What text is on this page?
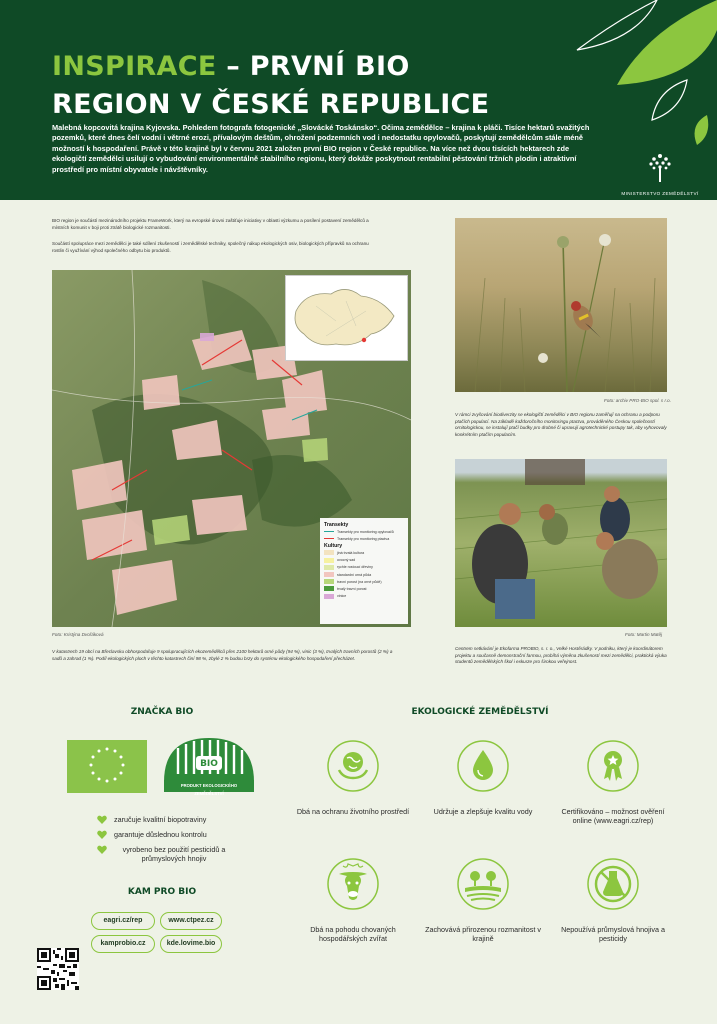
INSPIRACE – PRVNÍ BIO
REGION V ČESKÉ REPUBLICE
Malebná kopcovitá krajina Kyjovska. Pohledem fotografa fotogenické „Slovácké Toskánsko“. Očima zemědělce – krajina k pláči. Tisíce hektarů svažitých pozemků, které dnes čelí vodní i větrné erozi, přívalovým deštům, ohrožení podzemních vod i nedostatku opylovačů, poskytují zemědělcům stále méně možností k hospodaření. Právě v této krajině byl v červnu 2021 založen první BIO region v České republice. Na více než dvou tisících hektarech zde ekologičtí zemědělci usilují o vybudování environmentálně stabilního regionu, který dokáže poskytnout rentabilní pěstování tržních plodin i atraktivní prostředí pro místní obyvatele i návštěvníky.
MINISTERSTVO ZEMĚDĚLSTVÍ
BIO region je součástí mezinárodního projektu FrameWork, který na evropské úrovni zaštiťuje iniciativy v oblasti výzkumu a posílení postavení zemědělců a místních komunit v boji proti ztrátě biologické rozmanitosti.
Součástí spolupráce mezi zemědělci je také sdílení zkušeností i zemědělské techniky, společný nákup ekologických osiv, biologických přípravků na ochranu rostlin či využívání výhod společného odbytu bio produktů.
Transekty
Transekty pro monitoring opylovačů
Transekty pro monitoring ptactva
Kultury
jiná trvalá kultura
ovocný sad
rychle rostoucí dřeviny
standardní orná půda
travní porost (na orné půdě)
trvalý travní porost
vinice
Foto: Kristýna Dvořáková
V katastrech 19 obcí na Břeclavsku obhospodařuje 9 spolupracujících ekozemědělců přes 2100 hektarů orné půdy (94 %), vinic (3 %), trvalých travních porostů (2 %) a sadů a zahrad (1 %). Podíl ekologických ploch v těchto katastrech činí 98 %, zbylé 2 % budou brzy do systému ekologického hospodaření přecházet.
Foto: archiv PRO-BIO spol. s r.o.
V rámci zvyšování biodiverzity se ekologičtí zemědělci v BIO regionu zaměřují na ochranu a podporu ptačích populací. Na základě každoročního monitoringu ptactva, prováděného Českou společností ornitologickou, se instalují ptačí budky pro drobné či upravují agrotechnické postupy tak, aby vyhovovaly konkrétním ptačím populacím.
Foto: Martin Matěj
Centrem setkávání je Ekofarma PROBIO, s. r. o., Velké Hostěrádky. V podniku, který je koordinátorem projektu a současně demonstrační farmou, probíhá výměna zkušeností mezi zemědělci, praktická výuka studentů zemědělských škol i exkurze pro širokou veřejnost.
ZNAČKA BIO
BIO
PRODUKT EKOLOGICKÉHO ZEMĚDĚLSTVÍ
zaručuje kvalitní biopotraviny
garantuje důslednou kontrolu
vyrobeno bez použití pesticidů a průmyslových hnojiv
KAM PRO BIO
eagri.cz/rep	www.ctpez.cz
kamprobio.cz	kde.lovime.bio
EKOLOGICKÉ ZEMĚDĚLSTVÍ
Dbá na ochranu životního prostředí	Udržuje a zlepšuje kvalitu vody	Certifikováno – možnost ověření online (www.eagri.cz/rep)
Dbá na pohodu chovaných hospodářských zvířat
Zachovává přirozenou rozmanitost v krajině
Nepoužívá průmyslová hnojiva a pesticidy
